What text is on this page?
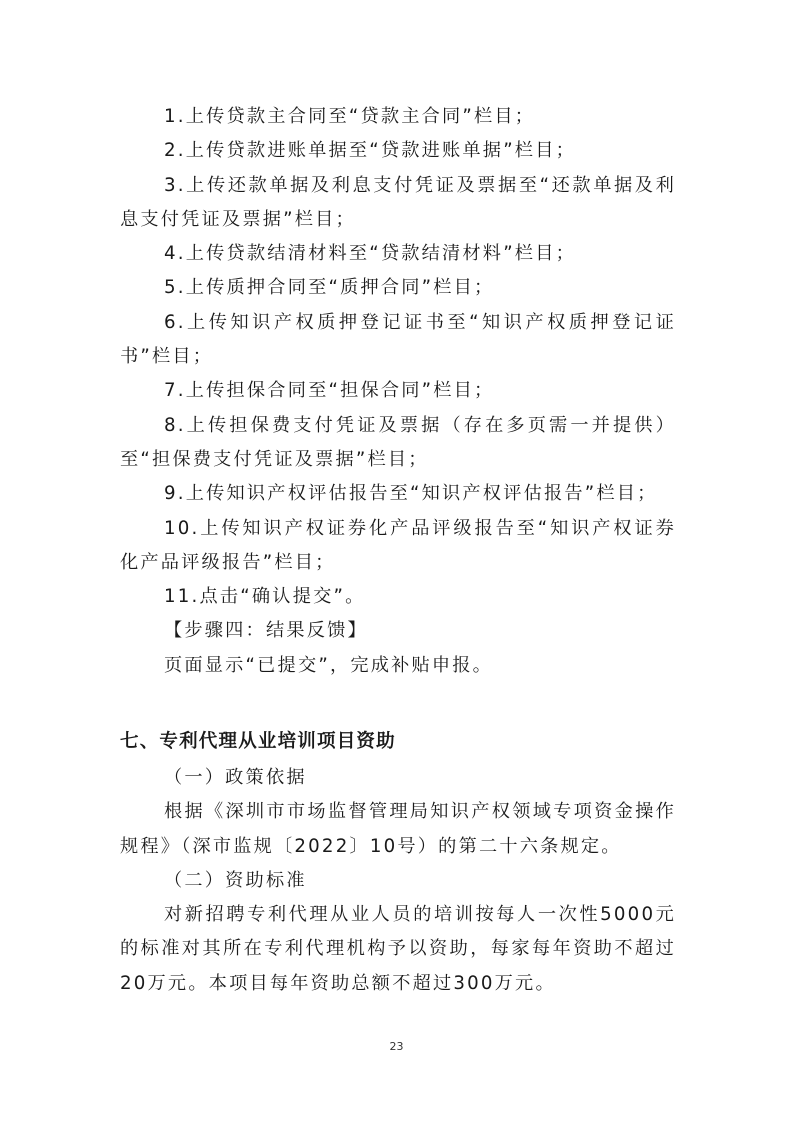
1.上传贷款主合同至“贷款主合同”栏目；

2.上传贷款进账单据至“贷款进账单据”栏目；

3.上传还款单据及利息支付凭证及票据至“还款单据及利息支付凭证及票据”栏目；

4.上传贷款结清材料至“贷款结清材料”栏目；

5.上传质押合同至“质押合同”栏目；

6.上传知识产权质押登记证书至“知识产权质押登记证书”栏目；

7.上传担保合同至“担保合同”栏目；

8.上传担保费支付凭证及票据（存在多页需一并提供）至“担保费支付凭证及票据”栏目；

9.上传知识产权评估报告至“知识产权评估报告”栏目；

10.上传知识产权证券化产品评级报告至“知识产权证券化产品评级报告”栏目；

11.点击“确认提交”。

【步骤四：结果反馈】

页面显示“已提交”，完成补贴申报。

七、专利代理从业培训项目资助

（一）政策依据

根据《深圳市市场监督管理局知识产权领域专项资金操作规程》（深市监规〔2022〕10号）的第二十六条规定。

（二）资助标准

对新招聘专利代理从业人员的培训按每人一次性5000元的标准对其所在专利代理机构予以资助，每家每年资助不超过20万元。本项目每年资助总额不超过300万元。

23
